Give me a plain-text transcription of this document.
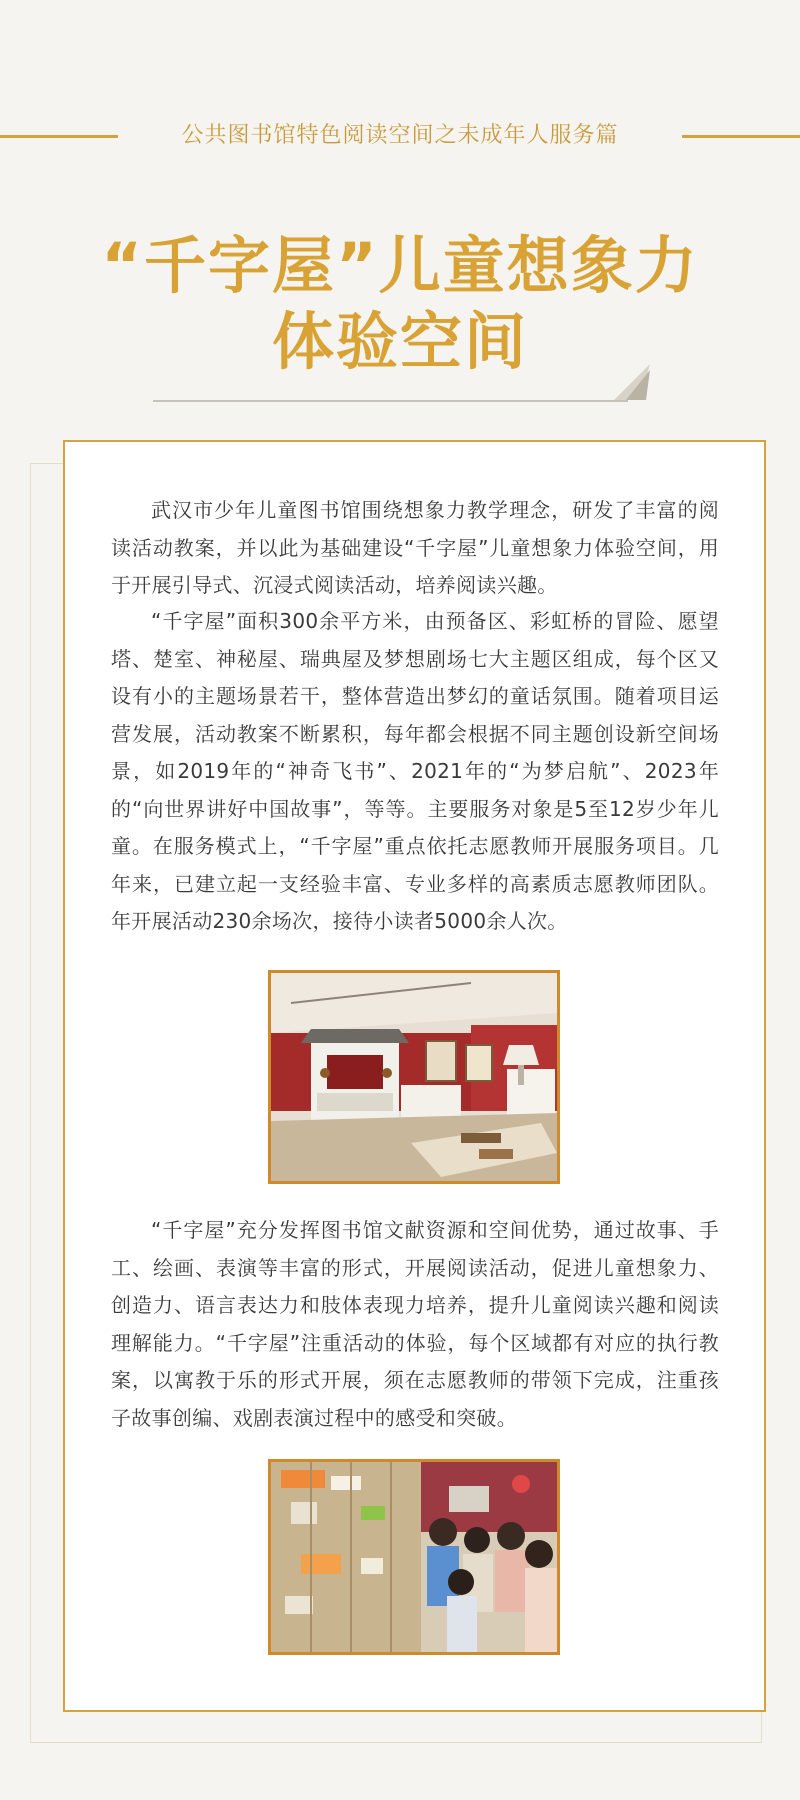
公共图书馆特色阅读空间之未成年人服务篇
“千字屋”儿童想象力
体验空间

武汉市少年儿童图书馆围绕想象力教学理念，研发了丰富的阅读活动教案，并以此为基础建设“千字屋”儿童想象力体验空间，用于开展引导式、沉浸式阅读活动，培养阅读兴趣。

“千字屋”面积300余平方米，由预备区、彩虹桥的冒险、愿望塔、楚室、神秘屋、瑞典屋及梦想剧场七大主题区组成，每个区又设有小的主题场景若干，整体营造出梦幻的童话氛围。随着项目运营发展，活动教案不断累积，每年都会根据不同主题创设新空间场景，如2019年的“神奇飞书”、2021年的“为梦启航”、2023年的“向世界讲好中国故事”，等等。主要服务对象是5至12岁少年儿童。在服务模式上，“千字屋”重点依托志愿教师开展服务项目。几年来，已建立起一支经验丰富、专业多样的高素质志愿教师团队。年开展活动230余场次，接待小读者5000余人次。

“千字屋”充分发挥图书馆文献资源和空间优势，通过故事、手工、绘画、表演等丰富的形式，开展阅读活动，促进儿童想象力、创造力、语言表达力和肢体表现力培养，提升儿童阅读兴趣和阅读理解能力。“千字屋”注重活动的体验，每个区域都有对应的执行教案，以寓教于乐的形式开展，须在志愿教师的带领下完成，注重孩子故事创编、戏剧表演过程中的感受和突破。
